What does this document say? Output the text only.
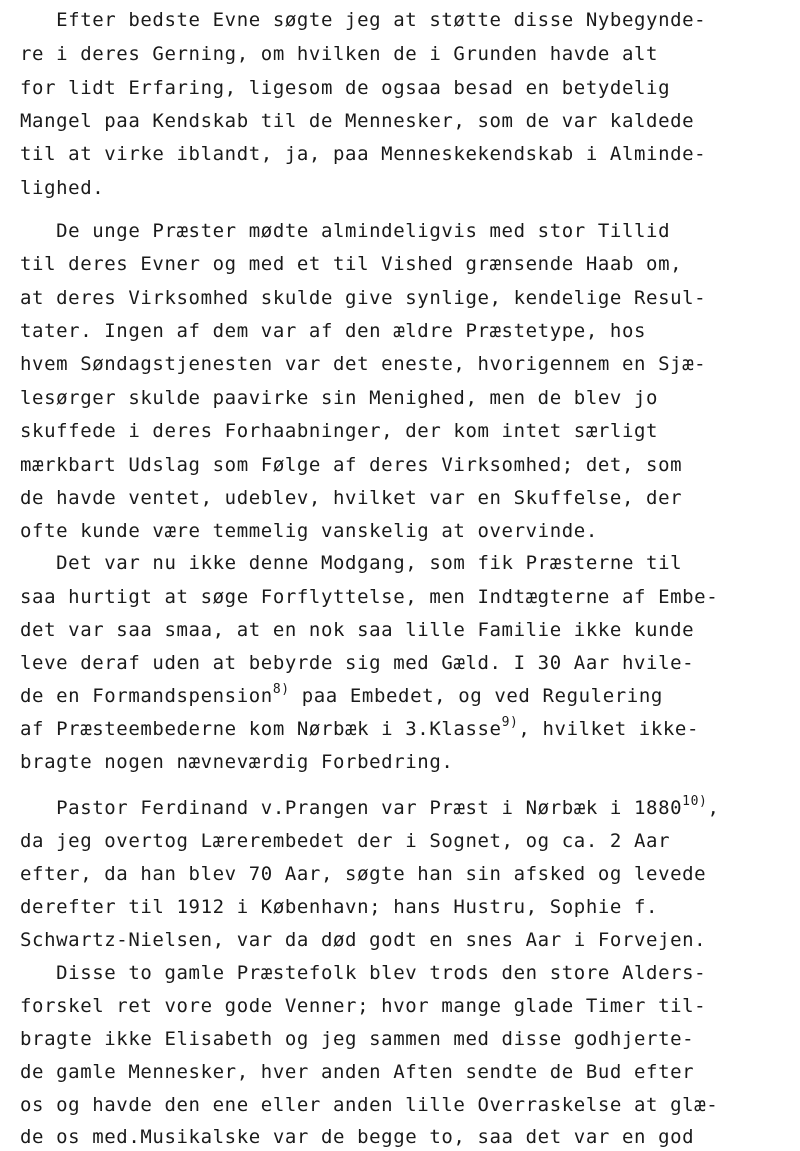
Efter bedste Evne søgte jeg at støtte disse Nybegynde-
re i deres Gerning, om hvilken de i Grunden havde alt
for lidt Erfaring, ligesom de ogsaa besad en betydelig
Mangel paa Kendskab til de Mennesker, som de var kaldede
til at virke iblandt, ja, paa Menneskekendskab i Alminde-
lighed.
De unge Præster mødte almindeligvis med stor Tillid
til deres Evner og med et til Vished grænsende Haab om,
at deres Virksomhed skulde give synlige, kendelige Resul-
tater. Ingen af dem var af den ældre Præstetype, hos
hvem Søndagstjenesten var det eneste, hvorigennem en Sjæ-
lesørger skulde paavirke sin Menighed, men de blev jo
skuffede i deres Forhaabninger, der kom intet særligt
mærkbart Udslag som Følge af deres Virksomhed; det, som
de havde ventet, udeblev, hvilket var en Skuffelse, der
ofte kunde være temmelig vanskelig at overvinde.
Det var nu ikke denne Modgang, som fik Præsterne til
saa hurtigt at søge Forflyttelse, men Indtægterne af Embe-
det var saa smaa, at en nok saa lille Familie ikke kunde
leve deraf uden at bebyrde sig med Gæld. I 30 Aar hvile-
de en Formandspension$^{8)}$ paa Embedet, og ved Regulering
af Præsteembederne kom Nørbæk i 3.Klasse$^{9)}$, hvilket ikke-
bragte nogen nævneværdig Forbedring.
Pastor Ferdinand v.Prangen var Præst i Nørbæk i 1880$^{10)}$,
da jeg overtog Lærerembedet der i Sognet, og ca. 2 Aar
efter, da han blev 70 Aar, søgte han sin afsked og levede
derefter til 1912 i København; hans Hustru, Sophie f.
Schwartz-Nielsen, var da død godt en snes Aar i Forvejen.
Disse to gamle Præstefolk blev trods den store Alders-
forskel ret vore gode Venner; hvor mange glade Timer til-
bragte ikke Elisabeth og jeg sammen med disse godhjerte-
de gamle Mennesker, hver anden Aften sendte de Bud efter
os og havde den ene eller anden lille Overraskelse at glæ-
de os med.Musikalske var de begge to, saa det var en god
